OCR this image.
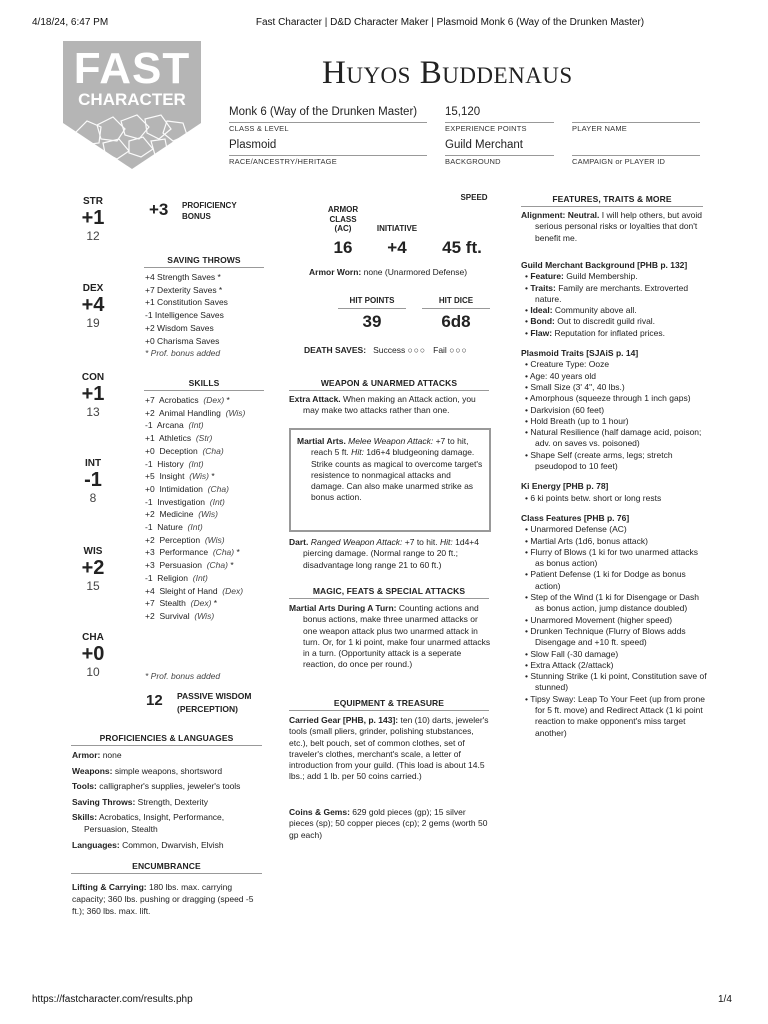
4/18/24, 6:47 PM	Fast Character | D&D Character Maker | Plasmoid Monk 6 (Way of the Drunken Master)
FAST
CHARACTER
Huyos Buddenaus
Monk 6 (Way of the Drunken Master)
CLASS & LEVEL
15,120
EXPERIENCE POINTS	PLAYER NAME
Plasmoid
RACE/ANCESTRY/HERITAGE
Guild Merchant
BACKGROUND	CAMPAIGN or PLAYER ID
STR
+1
12
DEX
+4
19
CON
+1
13
INT
-1
8
WIS
+2
15
CHA
+0
10
+3 PROFICIENCY
BONUS
SAVING THROWS
+4 Strength Saves *
+7 Dexterity Saves *
+1 Constitution Saves
-1 Intelligence Saves
+2 Wisdom Saves
+0 Charisma Saves
* Prof. bonus added
SKILLS
+7 Acrobatics (Dex) *
+2 Animal Handling (Wis)
-1 Arcana (Int)
+1 Athletics (Str)
+0 Deception (Cha)
-1 History (Int)
+5 Insight (Wis) *
+0 Intimidation (Cha)
-1 Investigation (Int)
+2 Medicine (Wis)
-1 Nature (Int)
+2 Perception (Wis)
+3 Performance (Cha) *
+3 Persuasion (Cha) *
-1 Religion (Int)
+4 Sleight of Hand (Dex)
+7 Stealth (Dex) *
+2 Survival (Wis)
* Prof. bonus added
12 PASSIVE WISDOM
(PERCEPTION)
PROFICIENCIES & LANGUAGES
Armor: none
Weapons: simple weapons, shortsword
Tools: calligrapher's supplies, jeweler's tools
Saving Throws: Strength, Dexterity
Skills: Acrobatics, Insight, Performance, Persuasion, Stealth
Languages: Common, Dwarvish, Elvish
ENCUMBRANCE
Lifting & Carrying: 180 lbs. max. carrying capacity; 360 lbs. pushing or dragging (speed -5 ft.); 360 lbs. max. lift.
ARMOR
CLASS
(AC)	INITIATIVE
SPEED
16	+4	45 ft.
Armor Worn: none (Unarmored Defense)
HIT POINTS	HIT DICE
39	6d8
DEATH SAVES: Success ○○○ Fail ○○○
WEAPON & UNARMED ATTACKS
Extra Attack. When making an Attack action, you may make two attacks rather than one.
Martial Arts. Melee Weapon Attack: +7 to hit, reach 5 ft. Hit: 1d6+4 bludgeoning damage. Strike counts as magical to overcome target's resistence to nonmagical attacks and damage. Can also make unarmed strike as bonus action.
Dart. Ranged Weapon Attack: +7 to hit. Hit: 1d4+4 piercing damage. (Normal range to 20 ft.; disadvantage long range 21 to 60 ft.)
MAGIC, FEATS & SPECIAL ATTACKS
Martial Arts During A Turn: Counting actions and bonus actions, make three unarmed attacks or one weapon attack plus two unarmed attack in turn. Or, for 1 ki point, make four unarmed attacks in a turn. (Opportunity attack is a seperate reaction, do once per round.)
EQUIPMENT & TREASURE
Carried Gear [PHB, p. 143]: ten (10) darts, jeweler's tools (small pliers, grinder, polishing stubstances, etc.), belt pouch, set of common clothes, set of traveler's clothes, merchant's scale, a letter of introduction from your guild. (This load is about 14.5 lbs.; add 1 lb. per 50 coins carried.)
Coins & Gems: 629 gold pieces (gp); 15 silver pieces (sp); 50 copper pieces (cp); 2 gems (worth 50 gp each)
FEATURES, TRAITS & MORE
Alignment: Neutral. I will help others, but avoid serious personal risks or loyalties that don't benefit me.
Guild Merchant Background [PHB p. 132]
• Feature: Guild Membership.
• Traits: Family are merchants. Extroverted nature.
• Ideal: Community above all.
• Bond: Out to discredit guild rival.
• Flaw: Reputation for inflated prices.
Plasmoid Traits [SJAiS p. 14]
• Creature Type: Ooze
• Age: 40 years old
• Small Size (3' 4", 40 lbs.)
• Amorphous (squeeze through 1 inch gaps)
• Darkvision (60 feet)
• Hold Breath (up to 1 hour)
• Natural Resilience (half damage acid, poison; adv. on saves vs. poisoned)
• Shape Self (create arms, legs; stretch pseudopod to 10 feet)
Ki Energy [PHB p. 78]
• 6 ki points betw. short or long rests
Class Features [PHB p. 76]
• Unarmored Defense (AC)
• Martial Arts (1d6, bonus attack)
• Flurry of Blows (1 ki for two unarmed attacks as bonus action)
• Patient Defense (1 ki for Dodge as bonus action)
• Step of the Wind (1 ki for Disengage or Dash as bonus action, jump distance doubled)
• Unarmored Movement (higher speed)
• Drunken Technique (Flurry of Blows adds Disengage and +10 ft. speed)
• Slow Fall (-30 damage)
• Extra Attack (2/attack)
• Stunning Strike (1 ki point, Constitution save of stunned)
• Tipsy Sway: Leap To Your Feet (up from prone for 5 ft. move) and Redirect Attack (1 ki point reaction to make opponent's miss target another)
https://fastcharacter.com/results.php	1/4
